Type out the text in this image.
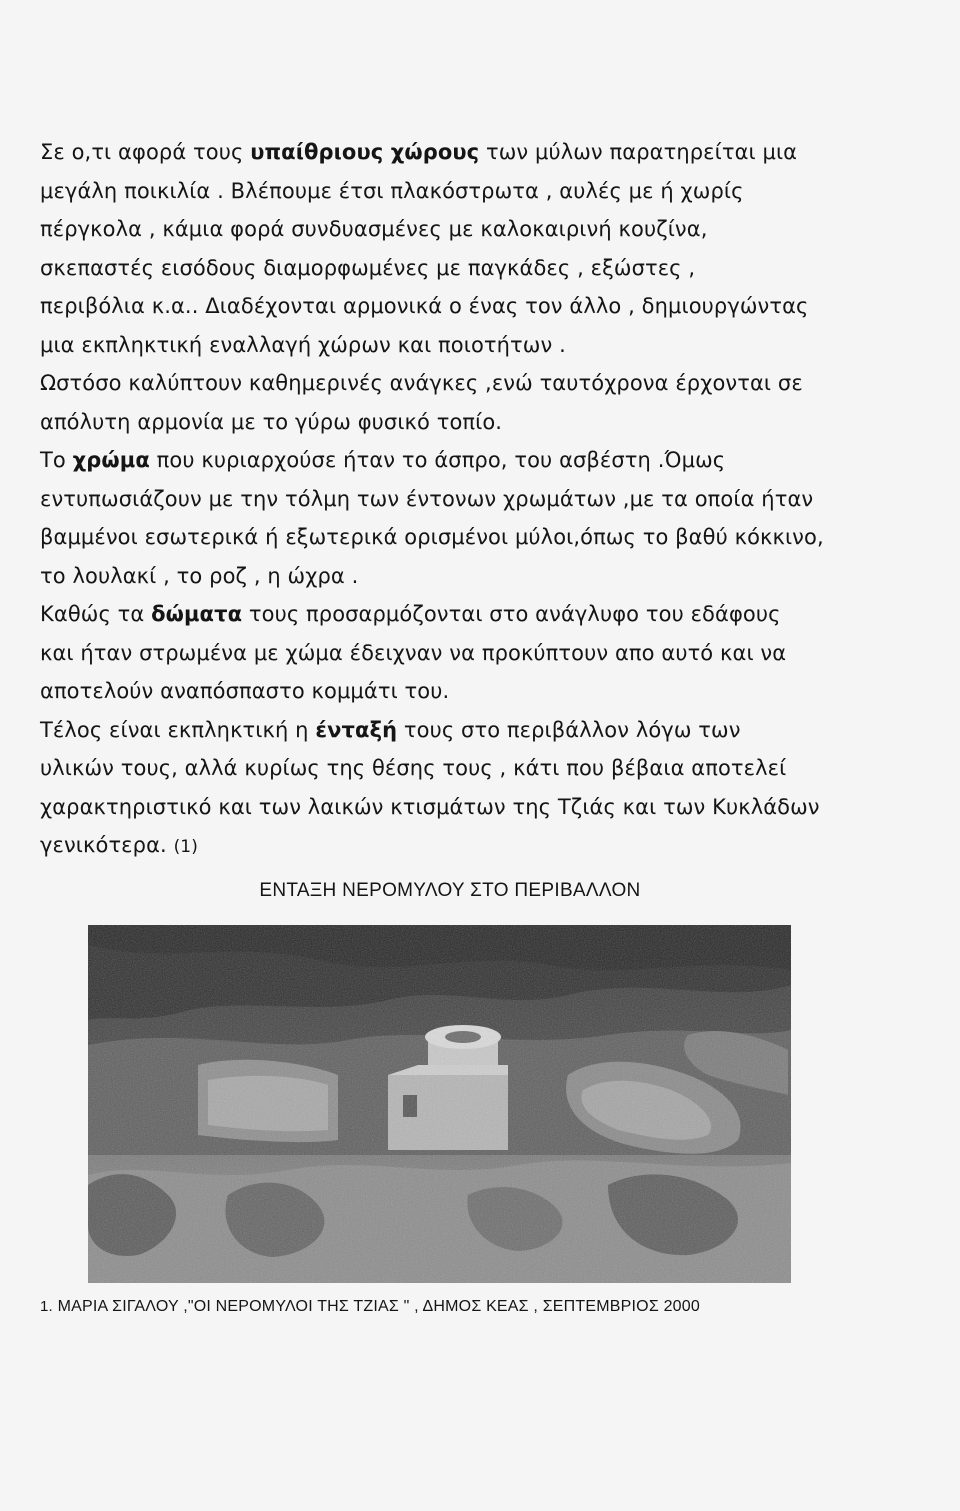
Σε ο,τι αφορά τους υπαίθριους χώρους των μύλων παρατηρείται μια
μεγάλη ποικιλία . Βλέπουμε έτσι πλακόστρωτα , αυλές με ή χωρίς
πέργκολα , κάμια φορά συνδυασμένες με καλοκαιρινή κουζίνα,
σκεπαστές εισόδους διαμορφωμένες με παγκάδες , εξώστες ,
περιβόλια κ.α.. Διαδέχονται αρμονικά ο ένας τον άλλο , δημιουργώντας
μια εκπληκτική εναλλαγή χώρων και ποιοτήτων .
Ωστόσο καλύπτουν καθημερινές ανάγκες ,ενώ ταυτόχρονα έρχονται σε
απόλυτη αρμονία με το γύρω φυσικό τοπίο.
Το χρώμα που κυριαρχούσε ήταν το άσπρο, του ασβέστη .Όμως
εντυπωσιάζουν με την τόλμη των έντονων χρωμάτων ,με τα οποία ήταν
βαμμένοι εσωτερικά ή εξωτερικά ορισμένοι μύλοι,όπως το βαθύ κόκκινο,
το λουλακί , το ροζ , η ώχρα .
Καθώς τα δώματα τους προσαρμόζονται στο ανάγλυφο του εδάφους
και ήταν στρωμένα με χώμα έδειχναν να προκύπτουν απο αυτό και να
αποτελούν αναπόσπαστο κομμάτι του.
Τέλος είναι εκπληκτική η ένταξή τους στο περιβάλλον λόγω των
υλικών τους, αλλά κυρίως της θέσης τους , κάτι που βέβαια αποτελεί
χαρακτηριστικό και των λαικών κτισμάτων της Τζιάς και των Κυκλάδων
γενικότερα. (1)
ΕΝΤΑΞΗ ΝΕΡΟΜΥΛΟΥ ΣΤΟ ΠΕΡΙΒΑΛΛΟΝ
1. ΜΑΡΙΑ ΣΙΓΑΛΟΥ ,"ΟΙ ΝΕΡΟΜΥΛΟΙ ΤΗΣ ΤΖΙΑΣ " , ΔΗΜΟΣ ΚΕΑΣ , ΣΕΠΤΕΜΒΡΙΟΣ 2000
